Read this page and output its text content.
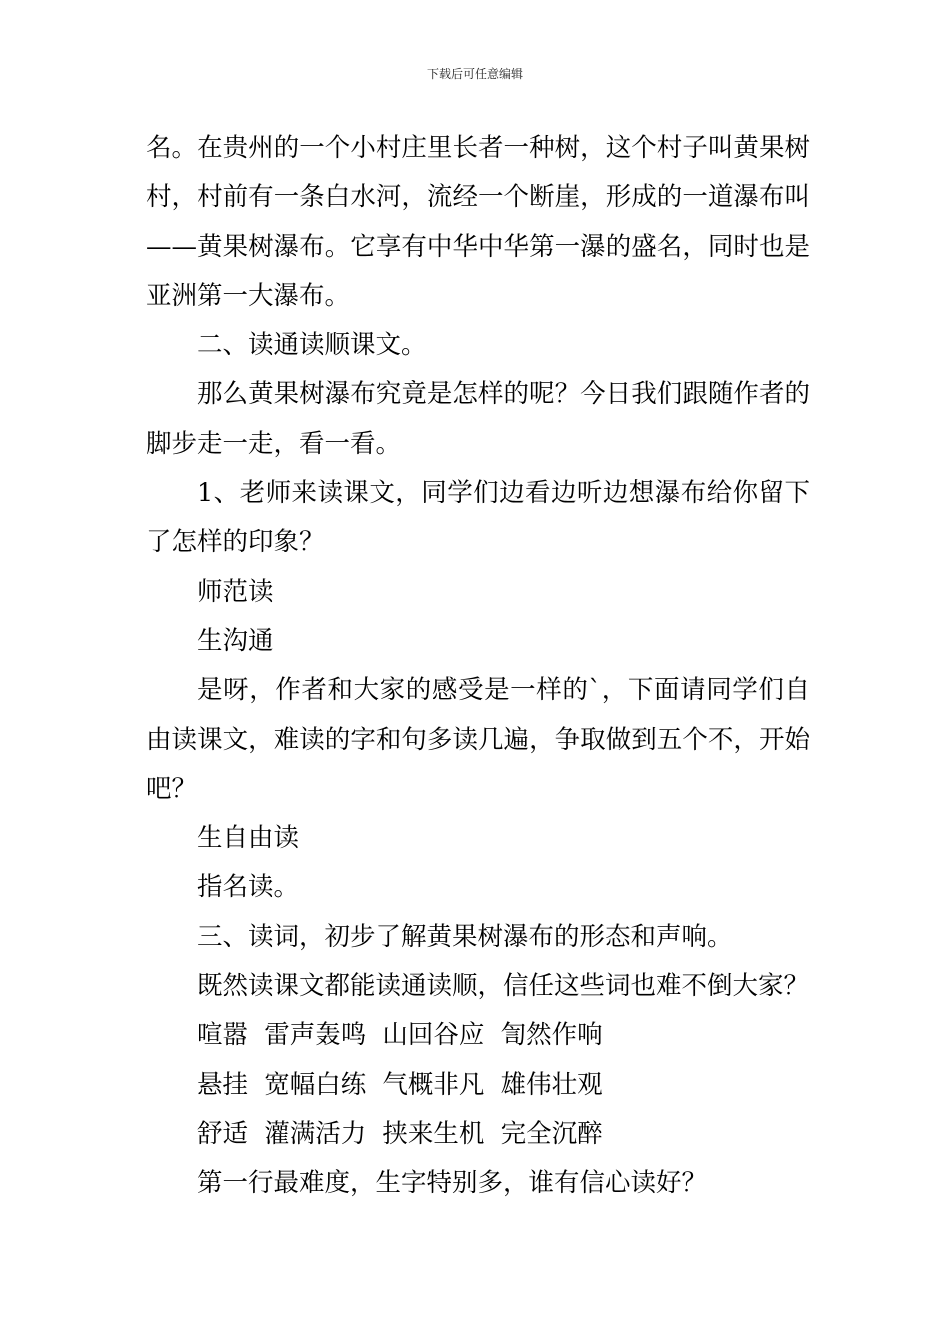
下载后可任意编辑

名。在贵州的一个小村庄里长者一种树，这个村子叫黄果树村，村前有一条白水河，流经一个断崖，形成的一道瀑布叫——黄果树瀑布。它享有中华中华第一瀑的盛名，同时也是亚洲第一大瀑布。

二、读通读顺课文。

那么黄果树瀑布究竟是怎样的呢？今日我们跟随作者的脚步走一走，看一看。

1、老师来读课文，同学们边看边听边想瀑布给你留下了怎样的印象？

师范读

生沟通

是呀，作者和大家的感受是一样的`，下面请同学们自由读课文，难读的字和句多读几遍，争取做到五个不，开始吧？

生自由读

指名读。

三、读词，初步了解黄果树瀑布的形态和声响。

既然读课文都能读通读顺，信任这些词也难不倒大家？

喧嚣  雷声轰鸣  山回谷应  訇然作响

悬挂  宽幅白练  气概非凡  雄伟壮观

舒适  灌满活力  挟来生机  完全沉醉

第一行最难度，生字特别多，谁有信心读好？
